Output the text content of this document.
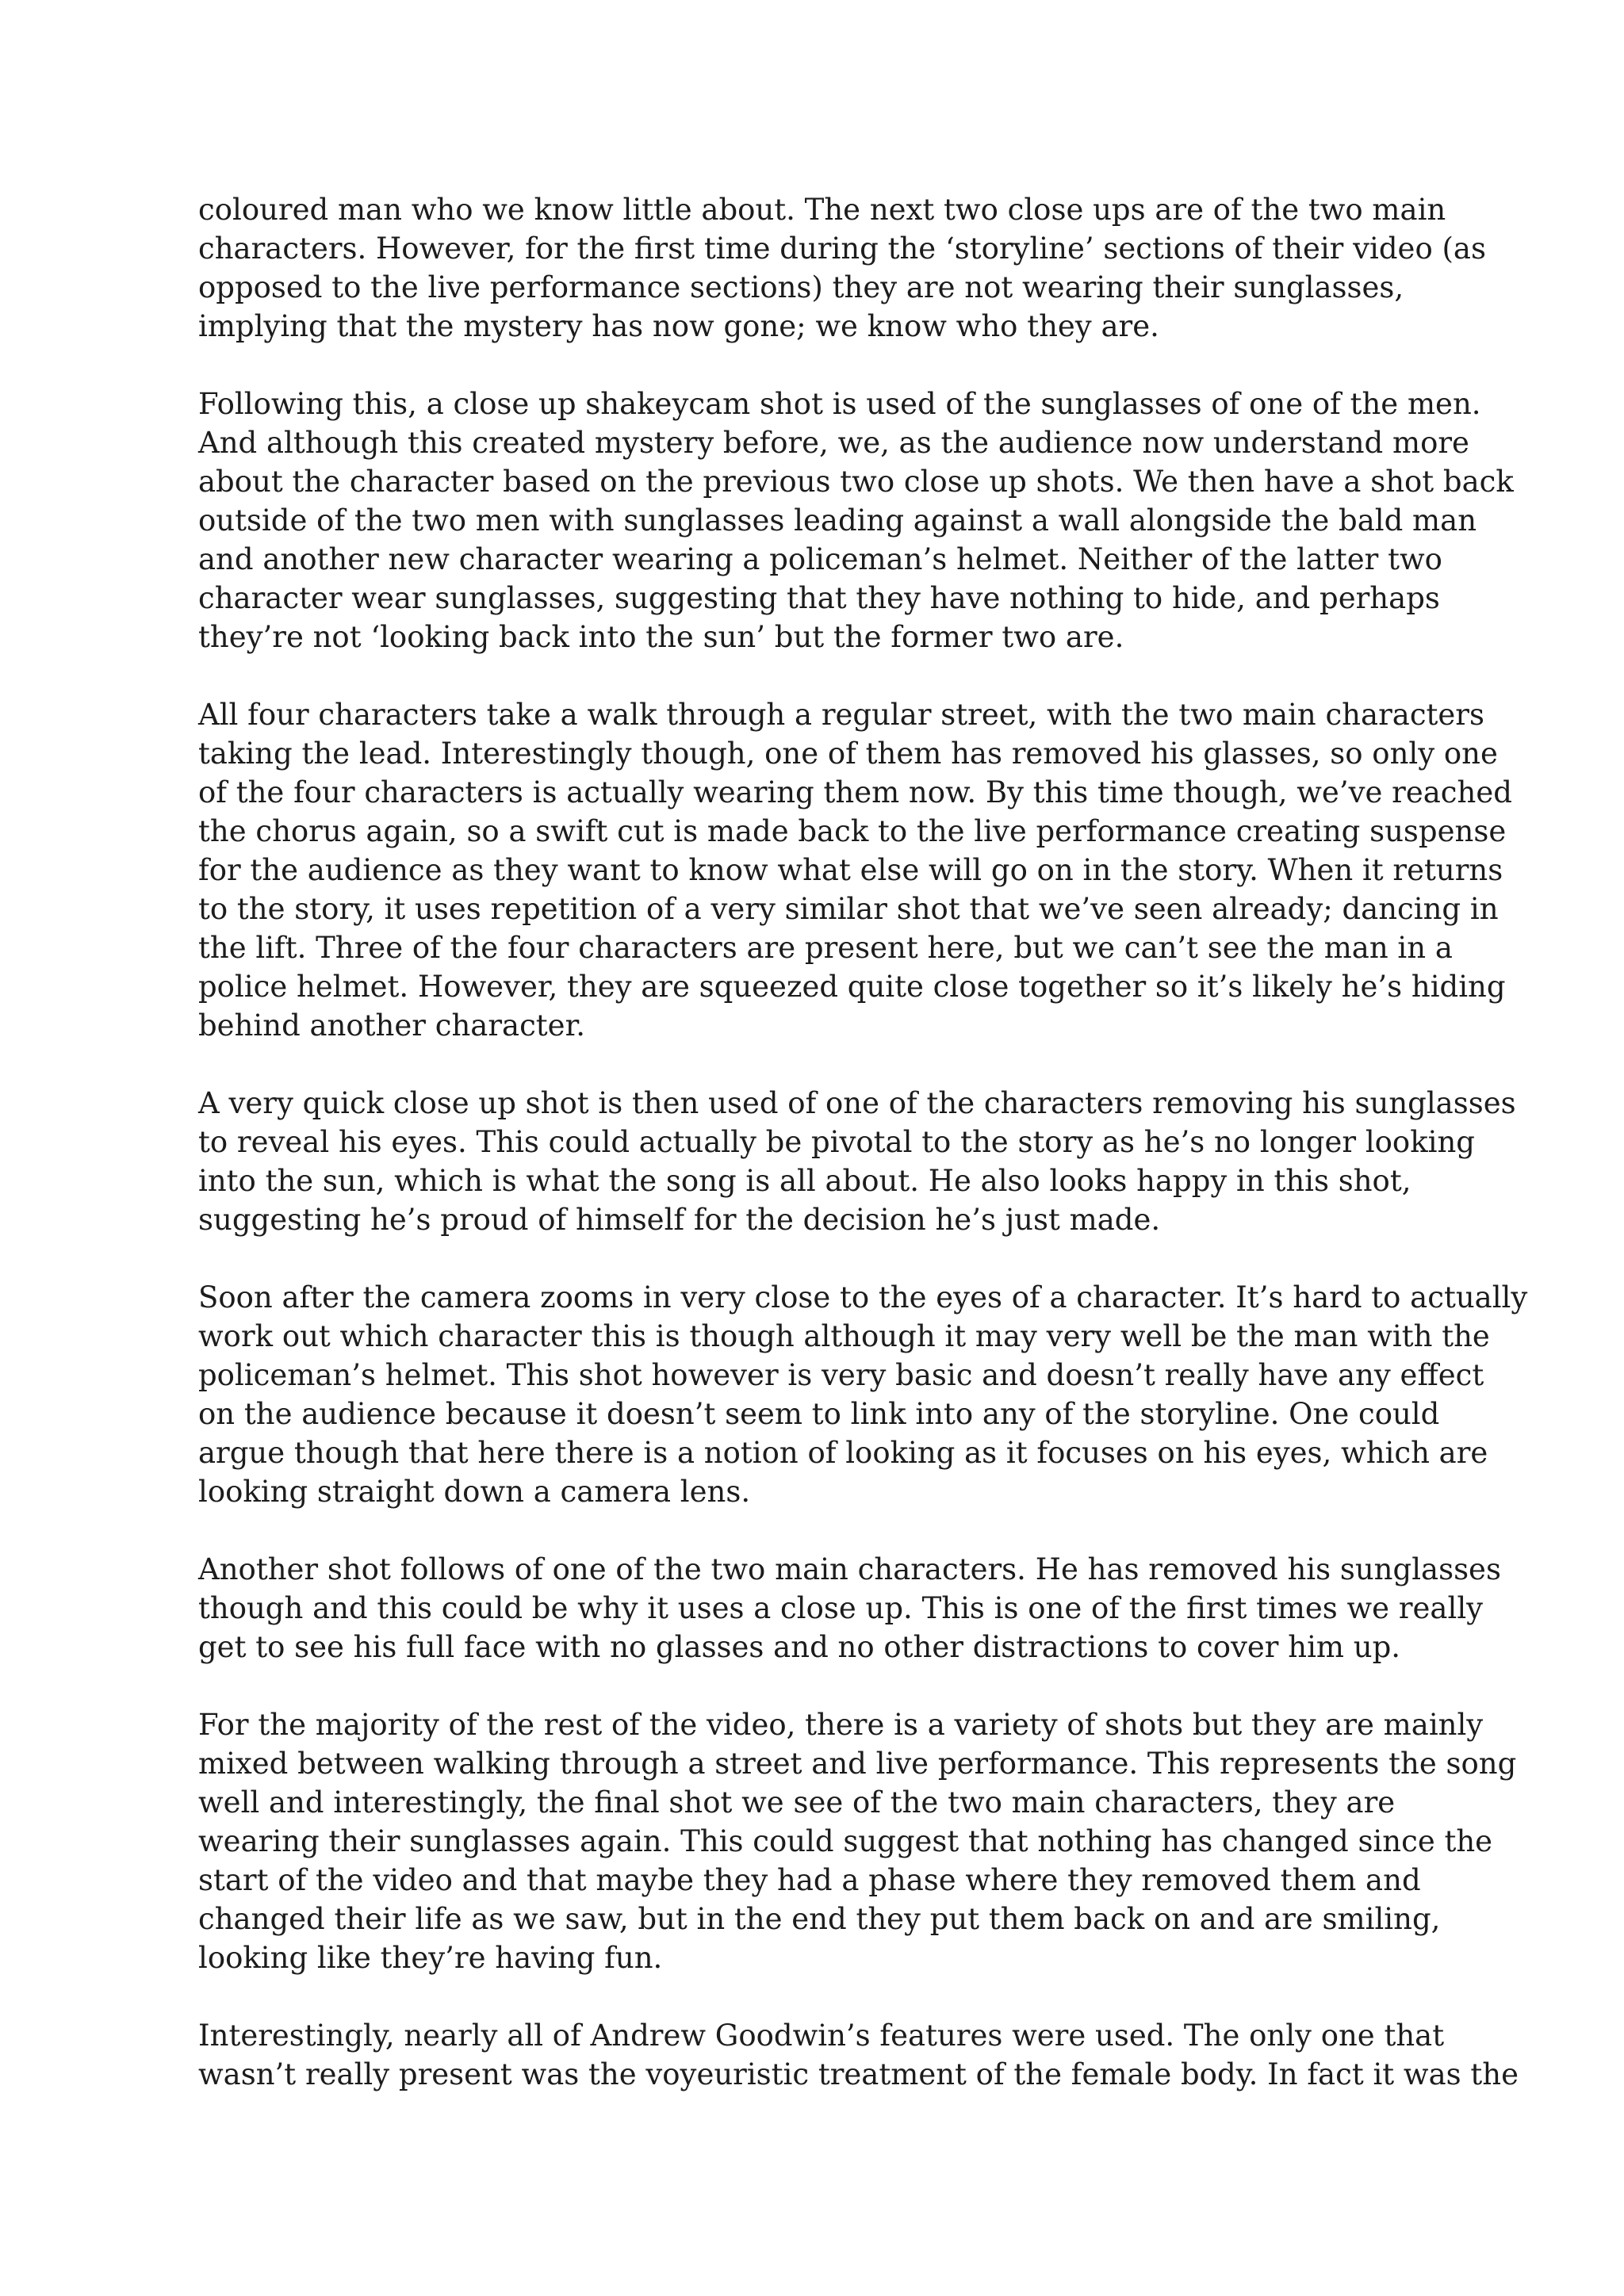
coloured man who we know little about. The next two close ups are of the two main
characters. However, for the first time during the ‘storyline’ sections of their video (as
opposed to the live performance sections) they are not wearing their sunglasses,
implying that the mystery has now gone; we know who they are.
Following this, a close up shakeycam shot is used of the sunglasses of one of the men.
And although this created mystery before, we, as the audience now understand more
about the character based on the previous two close up shots. We then have a shot back
outside of the two men with sunglasses leading against a wall alongside the bald man
and another new character wearing a policeman’s helmet. Neither of the latter two
character wear sunglasses, suggesting that they have nothing to hide, and perhaps
they’re not ‘looking back into the sun’ but the former two are.
All four characters take a walk through a regular street, with the two main characters
taking the lead. Interestingly though, one of them has removed his glasses, so only one
of the four characters is actually wearing them now. By this time though, we’ve reached
the chorus again, so a swift cut is made back to the live performance creating suspense
for the audience as they want to know what else will go on in the story. When it returns
to the story, it uses repetition of a very similar shot that we’ve seen already; dancing in
the lift. Three of the four characters are present here, but we can’t see the man in a
police helmet. However, they are squeezed quite close together so it’s likely he’s hiding
behind another character.
A very quick close up shot is then used of one of the characters removing his sunglasses
to reveal his eyes. This could actually be pivotal to the story as he’s no longer looking
into the sun, which is what the song is all about. He also looks happy in this shot,
suggesting he’s proud of himself for the decision he’s just made.
Soon after the camera zooms in very close to the eyes of a character. It’s hard to actually
work out which character this is though although it may very well be the man with the
policeman’s helmet. This shot however is very basic and doesn’t really have any effect
on the audience because it doesn’t seem to link into any of the storyline. One could
argue though that here there is a notion of looking as it focuses on his eyes, which are
looking straight down a camera lens.
Another shot follows of one of the two main characters. He has removed his sunglasses
though and this could be why it uses a close up. This is one of the first times we really
get to see his full face with no glasses and no other distractions to cover him up.
For the majority of the rest of the video, there is a variety of shots but they are mainly
mixed between walking through a street and live performance. This represents the song
well and interestingly, the final shot we see of the two main characters, they are
wearing their sunglasses again. This could suggest that nothing has changed since the
start of the video and that maybe they had a phase where they removed them and
changed their life as we saw, but in the end they put them back on and are smiling,
looking like they’re having fun.
Interestingly, nearly all of Andrew Goodwin’s features were used. The only one that
wasn’t really present was the voyeuristic treatment of the female body. In fact it was the
